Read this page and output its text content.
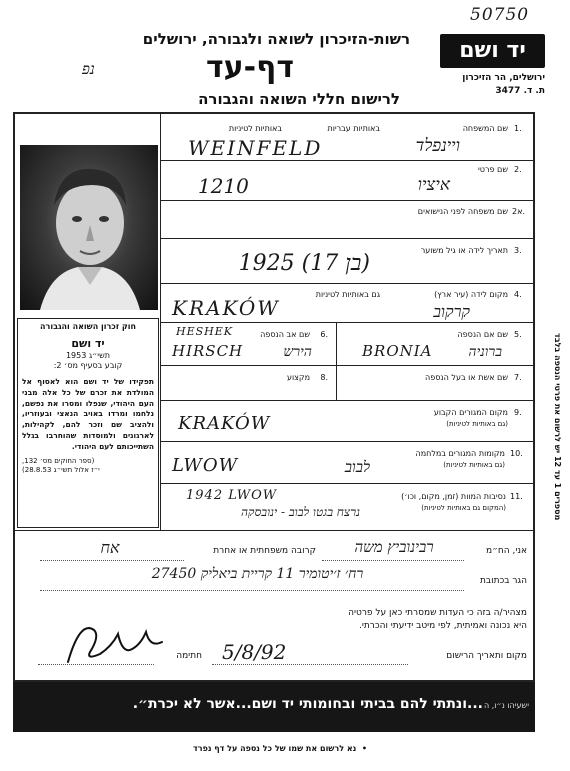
50750
רשות-הזיכרון לשואה ולגבורה, ירושלים
דף-עד
נפ
לרישום חללי השואה והגבורה
יד ושם
ירושלים, הר הזיכרון
ת. ד. 3477
חוק זכרון השואה והגבורה
יד ושם
תשי״ג 1953
קובע בסעיף מס׳ 2:
תפקידו של יד ושם הוא לאסוף אל המולדת את זכרם של כל אלה מבני העם היהודי, שנפלו ומסרו את נפשם, נלחמו ומרדו באויב הנאצי ובעוזריו, ולהציב שם וזכר להם, לקהילות, לארגונים ולמוסדות שהוחרבו בגלל השתייכותם לעם היהודי.
(ספר החוקים מס׳ 132,
י״ז אלול תשי״ג 28.8.53)
1.
שם המשפחה
באותיות עבריות
באותיות לטיניות
WEINFELD	ויינפלד
2.
שם פרטי
1210	איציו
2א.
שם משפחה לפני הנישואים
3.
תאריך לידה או גיל משוער
(בן 17) 1925
4.
מקום לידה (עיר ארץ)
גם באותיות לטיניות
KRAKÓW	קרקוב
5.
שם אם הנספה
BRONIA	ברוניה
6.
שם אב הנספה
HESHEK
HIRSCH	הירש
7.
שם אשת או בעל הנספה
8.
מקצוע
9.
מקום המגורים הקבוע
(גם באותיות לטיניות)
KRAKÓW
10.
מקומות המגורים במלחמה
(גם באותיות לטיניות)
LWOW	לבוב
11.
נסיבות המוות (זמן, מקום, וכו׳)
(המקום גם באותיות לטיניות)
1942 LWOW
נרצח בגטו לבוב - ינובסקה
אני, הח״מ
רבינוביץ משה
קרובה משפחתית או אחרת
אח
הגר בכתובת
רח׳ ז׳יטומיר 11 קריית ביאליק 27450
מצהיר/ה בזה כי העדות שמסרתי כאן על פרטיה
היא נכונה ואמיתית, לפי מיטב ידיעתי והכרתי.
מקום ותאריך הרישום
5/8/92
חתימה
...ונתתי להם בביתי ובחומותי יד ושם...אשר לא יכרת״. ישעיהו נ״ו, ה
•  נא לרשום את שמו של כל נספה על דף נפרד
מספרים 1 עד 12 יש לרשום את פרטי הנספה בלבד
